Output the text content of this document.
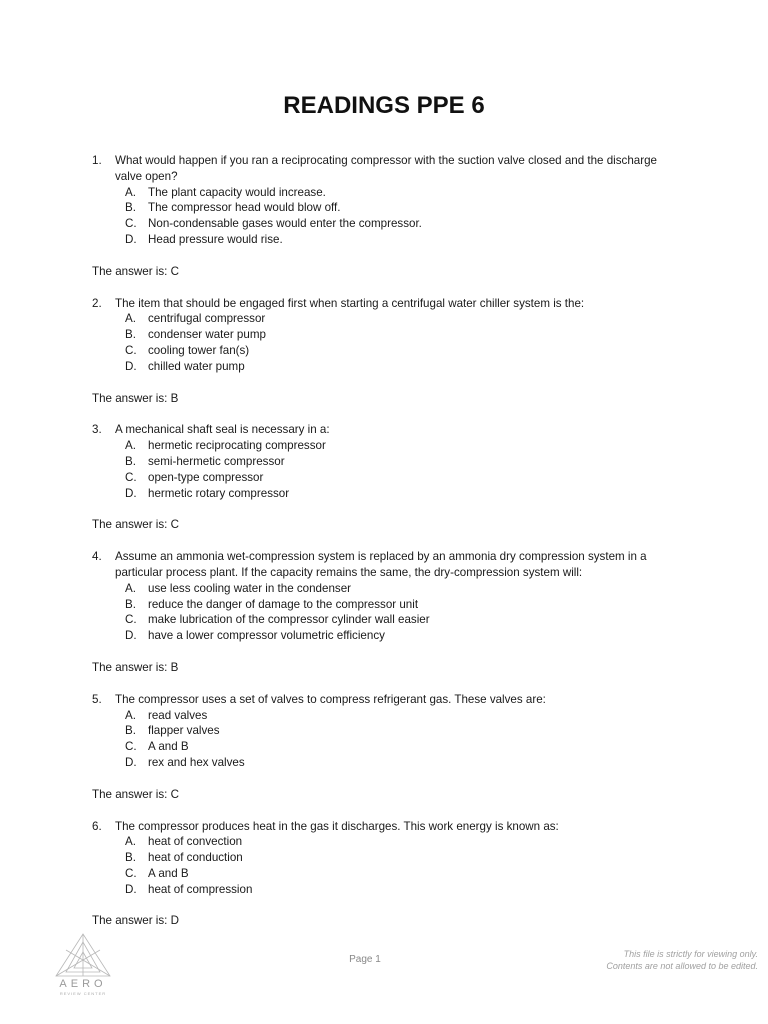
READINGS PPE 6
1.	What would happen if you ran a reciprocating compressor with the suction valve closed and the discharge valve open?
A.	The plant capacity would increase.
B.	The compressor head would blow off.
C. Non-condensable gases would enter the compressor.
D. Head pressure would rise.
The answer is: C
2.	The item that should be engaged first when starting a centrifugal water chiller system is the:
A.	centrifugal compressor
B.	condenser water pump
C. cooling tower fan(s)
D. chilled water pump
The answer is: B
3.	A mechanical shaft seal is necessary in a:
A.	hermetic reciprocating compressor
B.	semi-hermetic compressor
C. open-type compressor
D. hermetic rotary compressor
The answer is: C
4.	Assume an ammonia wet-compression system is replaced by an ammonia dry compression system in a particular process plant. If the capacity remains the same, the dry-compression system will:
A.	use less cooling water in the condenser
B.	reduce the danger of damage to the compressor unit
C. make lubrication of the compressor cylinder wall easier
D. have a lower compressor volumetric efficiency
The answer is: B
5.	The compressor uses a set of valves to compress refrigerant gas. These valves are:
A.	read valves
B.	flapper valves
C. A and B
D. rex and hex valves
The answer is: C
6.	The compressor produces heat in the gas it discharges. This work energy is known as:
A.	heat of convection
B.	heat of conduction
C. A and B
D. heat of compression
The answer is: D
AERO
REVIEW CENTER
Page 1	This file is strictly for viewing only.
Contents are not allowed to be edited.
